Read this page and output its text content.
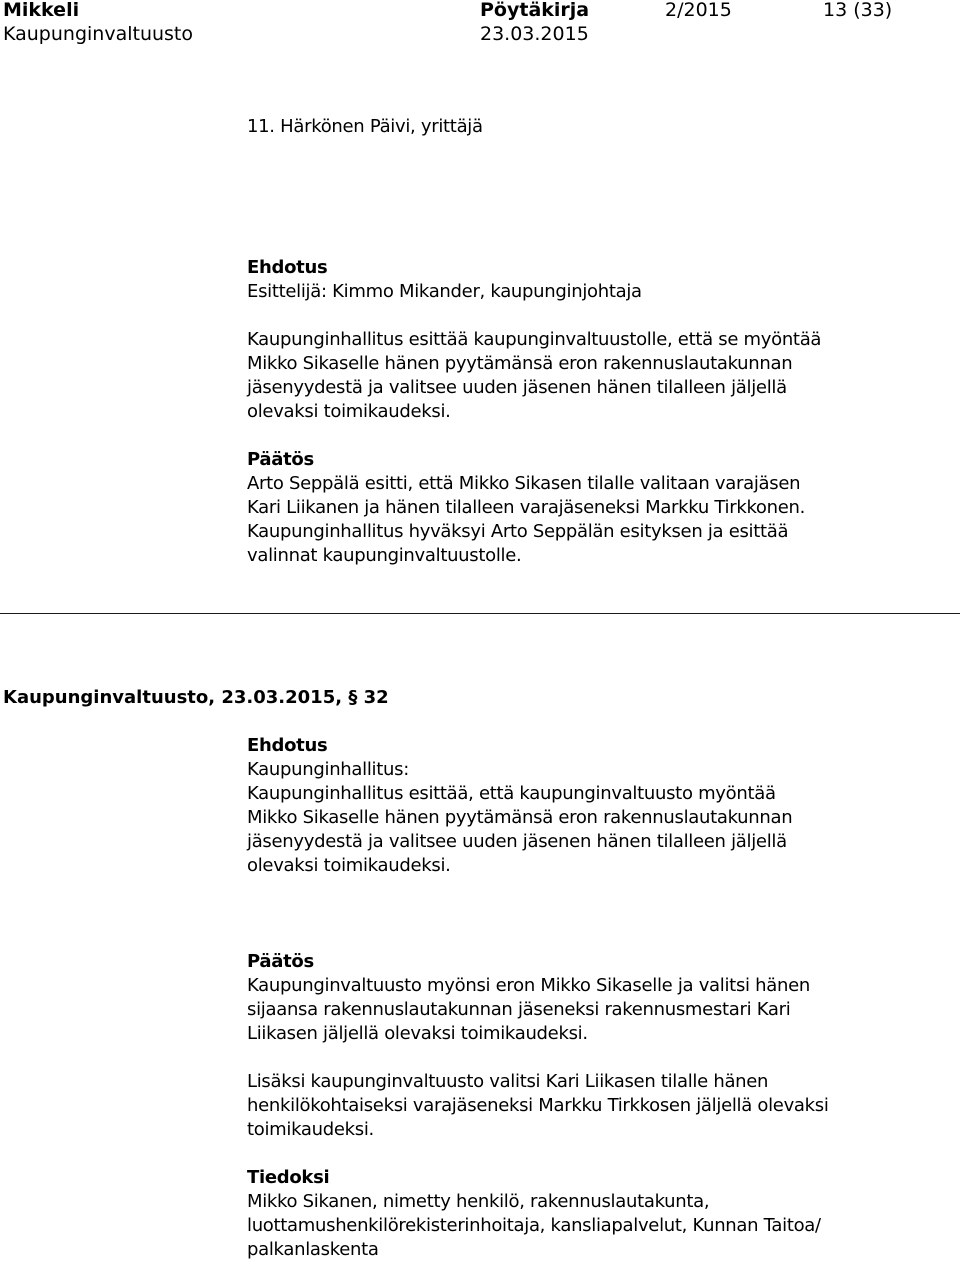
Mikkeli
Kaupunginvaltuusto
Pöytäkirja
23.03.2015
2/2015	13 (33)

11. Härkönen Päivi, yrittäjä

Ehdotus

Esittelijä: Kimmo Mikander, kaupunginjohtaja

Kaupunginhallitus esittää kaupunginvaltuustolle, että se myöntää

Mikko Sikaselle hänen pyytämänsä eron rakennuslautakunnan

jäsenyydestä ja valitsee uuden jäsenen hänen tilalleen jäljellä

olevaksi toimikaudeksi.

Päätös

Arto Seppälä esitti, että Mikko Sikasen tilalle valitaan varajäsen

Kari Liikanen ja hänen tilalleen varajäseneksi Markku Tirkkonen.

Kaupunginhallitus hyväksyi Arto Seppälän esityksen ja esittää

valinnat kaupunginvaltuustolle.

Kaupunginvaltuusto, 23.03.2015, § 32

Ehdotus

Kaupunginhallitus:

Kaupunginhallitus esittää, että kaupunginvaltuusto myöntää

Mikko Sikaselle hänen pyytämänsä eron rakennuslautakunnan

jäsenyydestä ja valitsee uuden jäsenen hänen tilalleen jäljellä

olevaksi toimikaudeksi.

Päätös

Kaupunginvaltuusto myönsi eron Mikko Sikaselle ja valitsi hänen

sijaansa rakennuslautakunnan jäseneksi rakennusmestari Kari

Liikasen jäljellä olevaksi toimikaudeksi.

Lisäksi kaupunginvaltuusto valitsi Kari Liikasen tilalle hänen

henkilökohtaiseksi varajäseneksi Markku Tirkkosen jäljellä olevaksi

toimikaudeksi.

Tiedoksi

Mikko Sikanen, nimetty henkilö, rakennuslautakunta,

luottamushenkilörekisterinhoitaja, kansliapalvelut, Kunnan Taitoa/

palkanlaskenta
